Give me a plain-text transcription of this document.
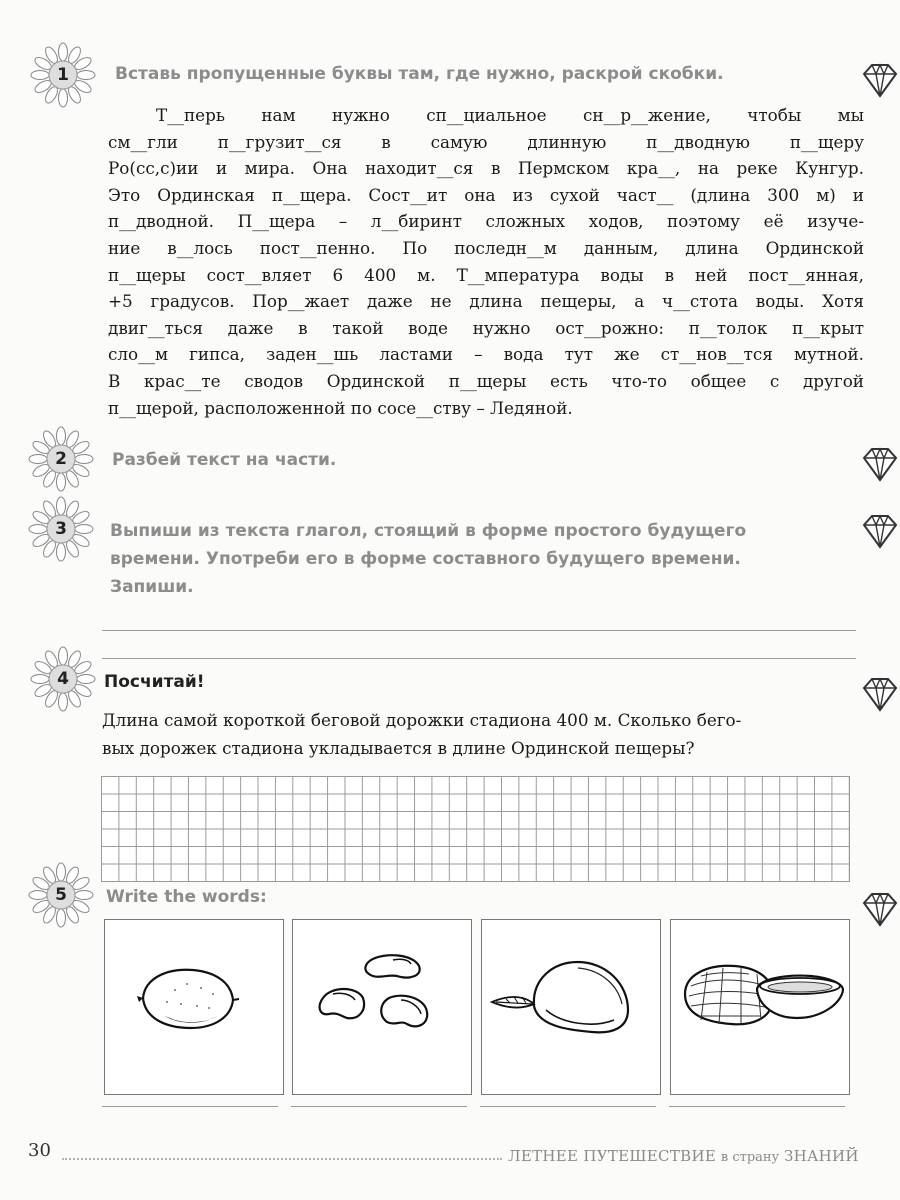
1	Вставь пропущенные буквы там, где нужно, раскрой скобки.
Т__перь нам нужно сп__циальное сн__р__жение, чтобы мы
см__гли п__грузит__ся в самую длинную п__дводную п__щеру
Ро(сс,с)ии и мира. Она находит__ся в Пермском кра__, на реке Кунгур.
Это Ординская п__щера. Сост__ит она из сухой част__ (длина 300 м) и
п__дводной. П__щера – л__биринт сложных ходов, поэтому её изуче-
ние в__лось пост__пенно. По последн__м данным, длина Ординской
п__щеры сост__вляет 6 400 м. Т__мпература воды в ней пост__янная,
+5 градусов. Пор__жает даже не длина пещеры, а ч__стота воды. Хотя
двиг__ться даже в такой воде нужно ост__рожно: п__толок п__крыт
сло__м гипса, заден__шь ластами – вода тут же ст__нов__тся мутной.
В крас__те сводов Ординской п__щеры есть что-то общее с другой
п__щерой, расположенной по сосе__ству – Ледяной.
2	Разбей текст на части.
3	Выпиши из текста глагол, стоящий в форме простого будущего
времени. Употреби его в форме составного будущего времени.
Запиши.
4	Посчитай!
Длина самой короткой беговой дорожки стадиона 400 м. Сколько бего-
вых дорожек стадиона укладывается в длине Ординской пещеры?
5	Write the words:
30	ЛЕТНЕЕ ПУТЕШЕСТВИЕ в страну ЗНАНИЙ
